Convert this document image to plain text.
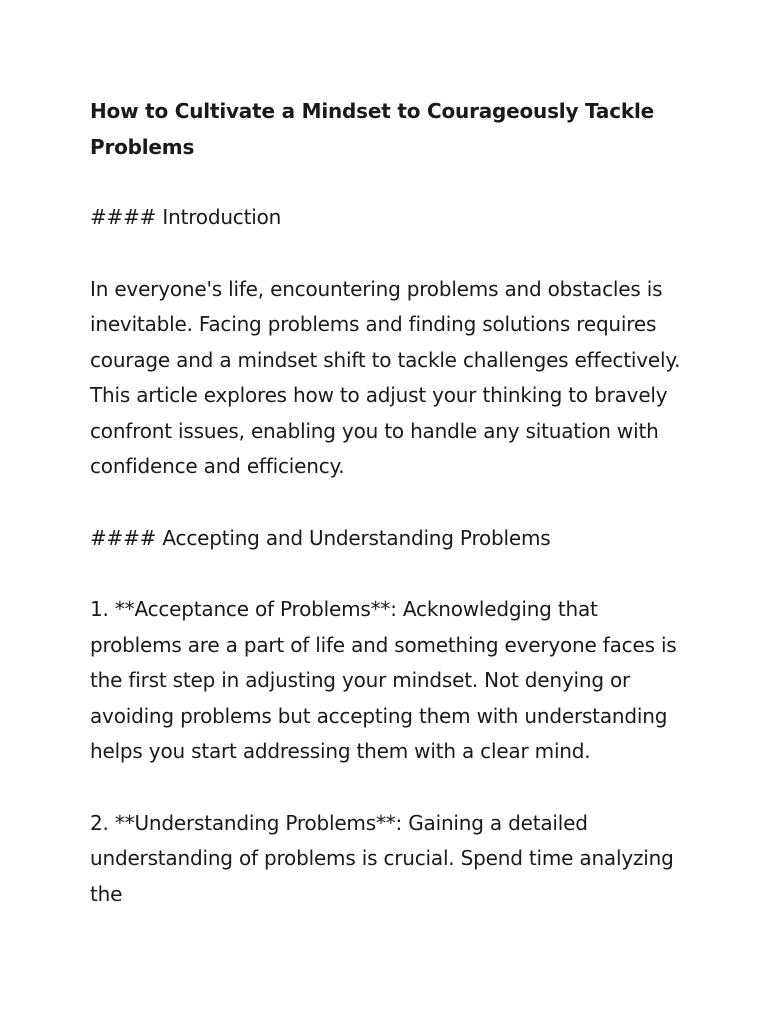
How to Cultivate a Mindset to Courageously Tackle Problems

#### Introduction

In everyone's life, encountering problems and obstacles is inevitable. Facing problems and finding solutions requires courage and a mindset shift to tackle challenges effectively. This article explores how to adjust your thinking to bravely confront issues, enabling you to handle any situation with confidence and efficiency.

#### Accepting and Understanding Problems

1. **Acceptance of Problems**: Acknowledging that problems are a part of life and something everyone faces is the first step in adjusting your mindset. Not denying or avoiding problems but accepting them with understanding helps you start addressing them with a clear mind.

2. **Understanding Problems**: Gaining a detailed understanding of problems is crucial. Spend time analyzing the
